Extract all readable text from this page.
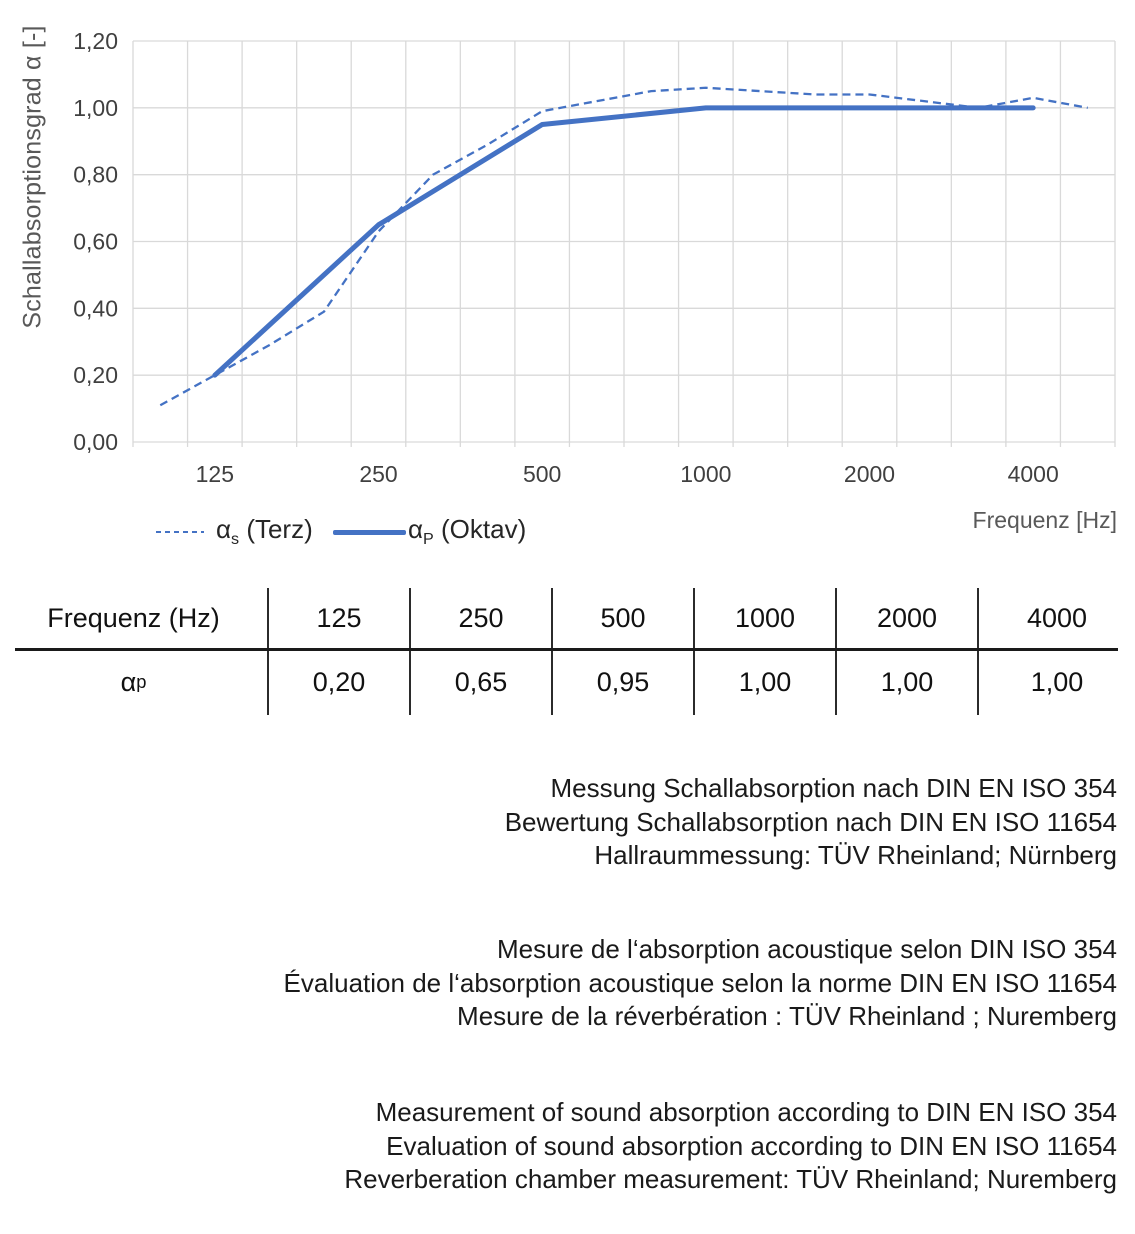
1,20
1,00
0,80
0,60
0,40
0,20
0,00
125	250	500	1000	2000	4000
Schallabsorptionsgrad α [-]
Frequenz [Hz]
$\alpha_s$ (Terz)	$\alpha_P$ (Oktav)
Frequenz (Hz)	125	250	500	1000	2000	4000
α p	0,20	0,65	0,95	1,00	1,00	1,00
Messung Schallabsorption nach DIN EN ISO 354
Bewertung Schallabsorption nach DIN EN ISO 11654
Hallraummessung: TÜV Rheinland; Nürnberg
Mesure de l‘absorption acoustique selon DIN ISO 354
Évaluation de l‘absorption acoustique selon la norme DIN EN ISO 11654
Mesure de la réverbération : TÜV Rheinland ; Nuremberg
Measurement of sound absorption according to DIN EN ISO 354
Evaluation of sound absorption according to DIN EN ISO 11654
Reverberation chamber measurement: TÜV Rheinland; Nuremberg
